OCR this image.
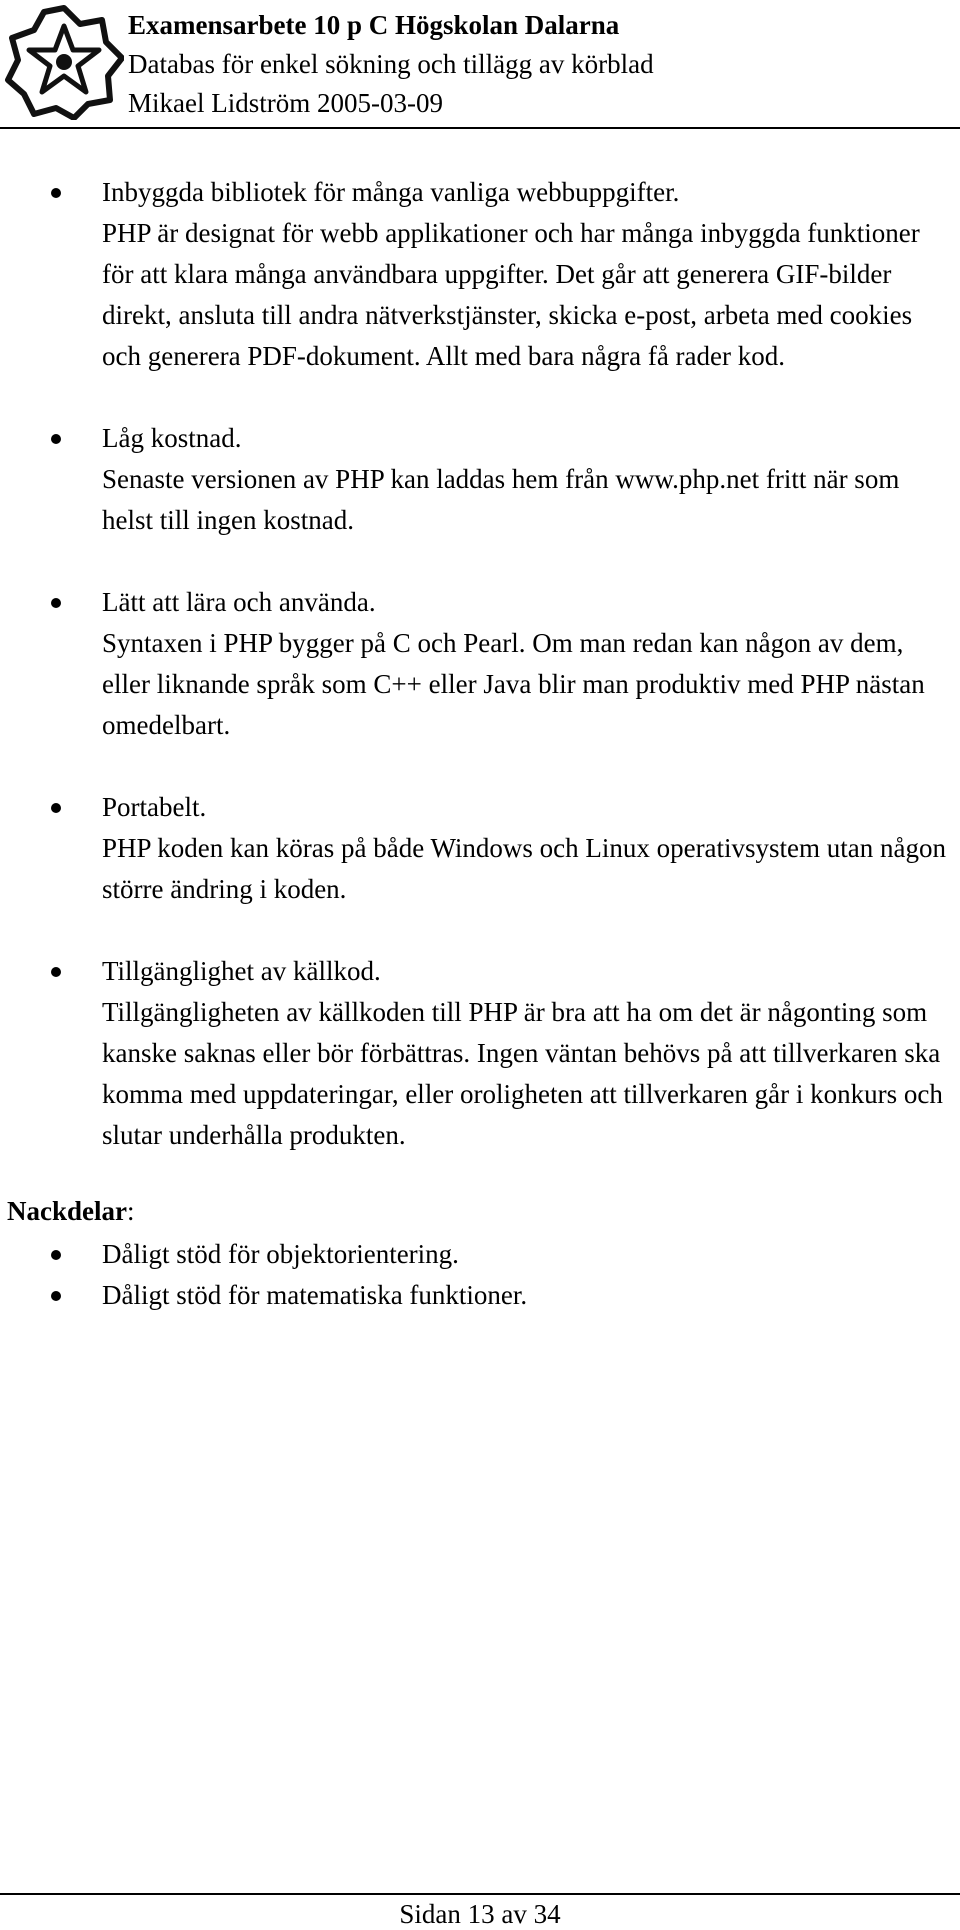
Examensarbete 10 p C Högskolan Dalarna
Databas för enkel sökning och tillägg av körblad
Mikael Lidström 2005-03-09
Inbyggda bibliotek för många vanliga webbuppgifter.
PHP är designat för webb applikationer och har många inbyggda funktioner för att klara många användbara uppgifter. Det går att generera GIF-bilder direkt, ansluta till andra nätverkstjänster, skicka e-post, arbeta med cookies och generera PDF-dokument. Allt med bara några få rader kod.
Låg kostnad.
Senaste versionen av PHP kan laddas hem från www.php.net fritt när som helst till ingen kostnad.
Lätt att lära och använda.
Syntaxen i PHP bygger på C och Pearl. Om man redan kan någon av dem, eller liknande språk som C++ eller Java blir man produktiv med PHP nästan omedelbart.
Portabelt.
PHP koden kan köras på både Windows och Linux operativsystem utan någon större ändring i koden.
Tillgänglighet av källkod.
Tillgängligheten av källkoden till PHP är bra att ha om det är någonting som kanske saknas eller bör förbättras. Ingen väntan behövs på att tillverkaren ska komma med uppdateringar, eller oroligheten att tillverkaren går i konkurs och slutar underhålla produkten.
Nackdelar:
Dåligt stöd för objektorientering.
Dåligt stöd för matematiska funktioner.
Sidan 13 av 34
